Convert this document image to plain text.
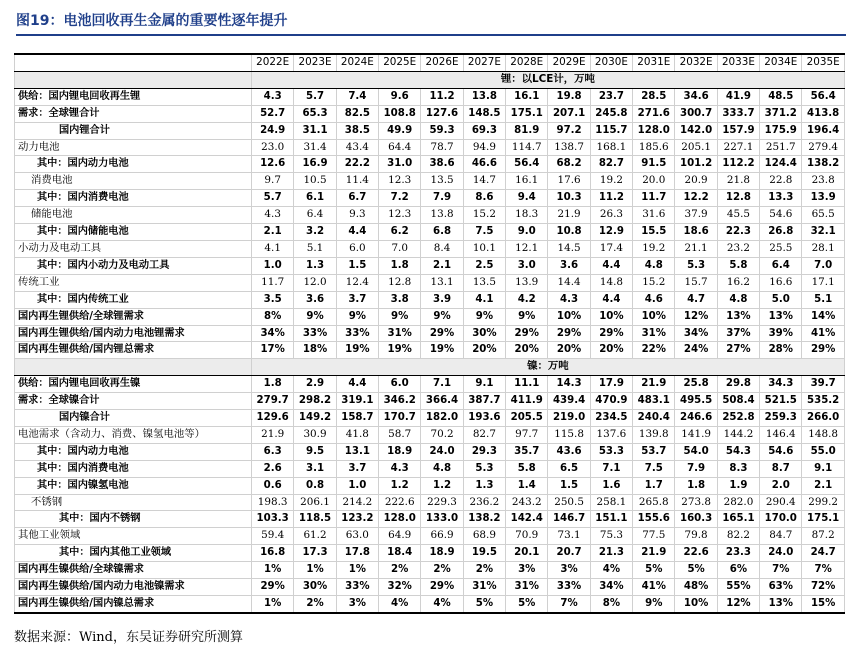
图19：电池回收再生金属的重要性逐年提升
	2022E	2023E	2024E	2025E	2026E	2027E	2028E	2029E	2030E	2031E	2032E	2033E	2034E	2035E
	锂：以LCE计，万吨													
供给：国内锂电回收再生锂	4.3	5.7	7.4	9.6	11.2	13.8	16.1	19.8	23.7	28.5	34.6	41.9	48.5	56.4
需求：全球锂合计	52.7	65.3	82.5	108.8	127.6	148.5	175.1	207.1	245.8	271.6	300.7	333.7	371.2	413.8
国内锂合计	24.9	31.1	38.5	49.9	59.3	69.3	81.9	97.2	115.7	128.0	142.0	157.9	175.9	196.4
动力电池	23.0	31.4	43.4	64.4	78.7	94.9	114.7	138.7	168.1	185.6	205.1	227.1	251.7	279.4
其中：国内动力电池	12.6	16.9	22.2	31.0	38.6	46.6	56.4	68.2	82.7	91.5	101.2	112.2	124.4	138.2
消费电池	9.7	10.5	11.4	12.3	13.5	14.7	16.1	17.6	19.2	20.0	20.9	21.8	22.8	23.8
其中：国内消费电池	5.7	6.1	6.7	7.2	7.9	8.6	9.4	10.3	11.2	11.7	12.2	12.8	13.3	13.9
储能电池	4.3	6.4	9.3	12.3	13.8	15.2	18.3	21.9	26.3	31.6	37.9	45.5	54.6	65.5
其中：国内储能电池	2.1	3.2	4.4	6.2	6.8	7.5	9.0	10.8	12.9	15.5	18.6	22.3	26.8	32.1
小动力及电动工具	4.1	5.1	6.0	7.0	8.4	10.1	12.1	14.5	17.4	19.2	21.1	23.2	25.5	28.1
其中：国内小动力及电动工具	1.0	1.3	1.5	1.8	2.1	2.5	3.0	3.6	4.4	4.8	5.3	5.8	6.4	7.0
传统工业	11.7	12.0	12.4	12.8	13.1	13.5	13.9	14.4	14.8	15.2	15.7	16.2	16.6	17.1
其中：国内传统工业	3.5	3.6	3.7	3.8	3.9	4.1	4.2	4.3	4.4	4.6	4.7	4.8	5.0	5.1
国内再生锂供给/全球锂需求	8%	9%	9%	9%	9%	9%	9%	10%	10%	10%	12%	13%	13%	14%
国内再生锂供给/国内动力电池锂需求	34%	33%	33%	31%	29%	30%	29%	29%	29%	31%	34%	37%	39%	41%
国内再生锂供给/国内锂总需求	17%	18%	19%	19%	19%	20%	20%	20%	20%	22%	24%	27%	28%	29%
	镍：万吨													
供给：国内锂电回收再生镍	1.8	2.9	4.4	6.0	7.1	9.1	11.1	14.3	17.9	21.9	25.8	29.8	34.3	39.7
需求：全球镍合计	279.7	298.2	319.1	346.2	366.4	387.7	411.9	439.4	470.9	483.1	495.5	508.4	521.5	535.2
国内镍合计	129.6	149.2	158.7	170.7	182.0	193.6	205.5	219.0	234.5	240.4	246.6	252.8	259.3	266.0
电池需求（含动力、消费、镍氢电池等）	21.9	30.9	41.8	58.7	70.2	82.7	97.7	115.8	137.6	139.8	141.9	144.2	146.4	148.8
其中：国内动力电池	6.3	9.5	13.1	18.9	24.0	29.3	35.7	43.6	53.3	53.7	54.0	54.3	54.6	55.0
其中：国内消费电池	2.6	3.1	3.7	4.3	4.8	5.3	5.8	6.5	7.1	7.5	7.9	8.3	8.7	9.1
其中：国内镍氢电池	0.6	0.8	1.0	1.2	1.2	1.3	1.4	1.5	1.6	1.7	1.8	1.9	2.0	2.1
不锈钢	198.3	206.1	214.2	222.6	229.3	236.2	243.2	250.5	258.1	265.8	273.8	282.0	290.4	299.2
其中：国内不锈钢	103.3	118.5	123.2	128.0	133.0	138.2	142.4	146.7	151.1	155.6	160.3	165.1	170.0	175.1
其他工业领域	59.4	61.2	63.0	64.9	66.9	68.9	70.9	73.1	75.3	77.5	79.8	82.2	84.7	87.2
其中：国内其他工业领域	16.8	17.3	17.8	18.4	18.9	19.5	20.1	20.7	21.3	21.9	22.6	23.3	24.0	24.7
国内再生镍供给/全球镍需求	1%	1%	1%	2%	2%	2%	3%	3%	4%	5%	5%	6%	7%	7%
国内再生镍供给/国内动力电池镍需求	29%	30%	33%	32%	29%	31%	31%	33%	34%	41%	48%	55%	63%	72%
国内再生镍供给/国内镍总需求	1%	2%	3%	4%	4%	5%	5%	7%	8%	9%	10%	12%	13%	15%
数据来源：Wind，东吴证券研究所测算
